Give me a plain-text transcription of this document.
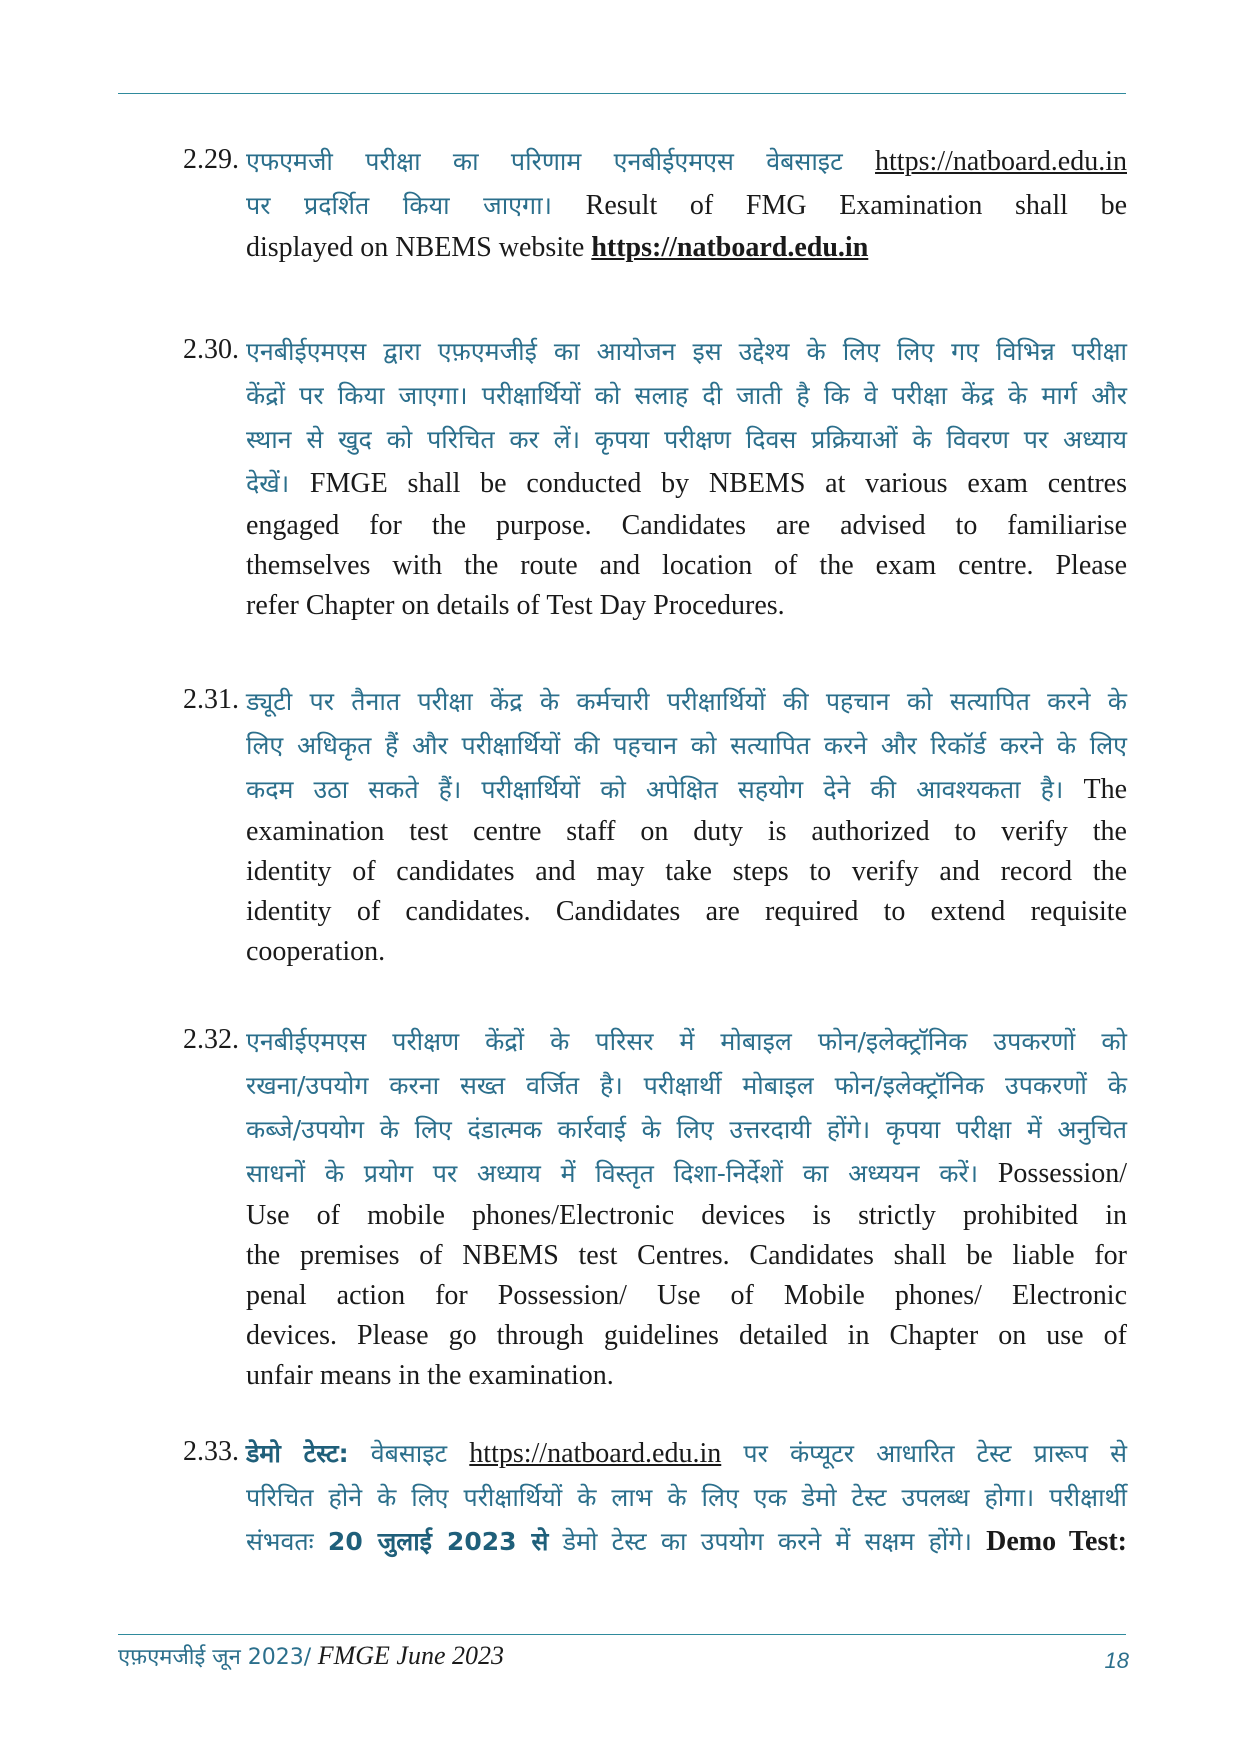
2.29. एफएमजी परीक्षा का परिणाम एनबीईएमएस वेबसाइट https://natboard.edu.in

पर प्रदर्शित किया जाएगा। Result of FMG Examination shall be

displayed on NBEMS website https://natboard.edu.in

2.30. एनबीईएमएस द्वारा एफ़एमजीई का आयोजन इस उद्देश्य के लिए लिए गए विभिन्न परीक्षा

केंद्रों पर किया जाएगा। परीक्षार्थियों को सलाह दी जाती है कि वे परीक्षा केंद्र के मार्ग और

स्थान से खुद को परिचित कर लें। कृपया परीक्षण दिवस प्रक्रियाओं के विवरण पर अध्याय

देखें। FMGE shall be conducted by NBEMS at various exam centres

engaged for the purpose. Candidates are advised to familiarise

themselves with the route and location of the exam centre. Please

refer Chapter on details of Test Day Procedures.

2.31. ड्यूटी पर तैनात परीक्षा केंद्र के कर्मचारी परीक्षार्थियों की पहचान को सत्यापित करने के

लिए अधिकृत हैं और परीक्षार्थियों की पहचान को सत्यापित करने और रिकॉर्ड करने के लिए

कदम उठा सकते हैं। परीक्षार्थियों को अपेक्षित सहयोग देने की आवश्यकता है। The

examination test centre staff on duty is authorized to verify the

identity of candidates and may take steps to verify and record the

identity of candidates. Candidates are required to extend requisite

cooperation.

2.32. एनबीईएमएस परीक्षण केंद्रों के परिसर में मोबाइल फोन/इलेक्ट्रॉनिक उपकरणों को

रखना/उपयोग करना सख्त वर्जित है। परीक्षार्थी मोबाइल फोन/इलेक्ट्रॉनिक उपकरणों के

कब्जे/उपयोग के लिए दंडात्मक कार्रवाई के लिए उत्तरदायी होंगे। कृपया परीक्षा में अनुचित

साधनों के प्रयोग पर अध्याय में विस्तृत दिशा-निर्देशों का अध्ययन करें। Possession/

Use of mobile phones/Electronic devices is strictly prohibited in

the premises of NBEMS test Centres. Candidates shall be liable for

penal action for Possession/ Use of Mobile phones/ Electronic

devices. Please go through guidelines detailed in Chapter on use of

unfair means in the examination.

2.33. डेमो टेस्ट: वेबसाइट https://natboard.edu.in पर कंप्यूटर आधारित टेस्ट प्रारूप से

परिचित होने के लिए परीक्षार्थियों के लाभ के लिए एक डेमो टेस्ट उपलब्ध होगा। परीक्षार्थी

संभवतः 20 जुलाई 2023 से डेमो टेस्ट का उपयोग करने में सक्षम होंगे। Demo Test:

एफ़एमजीई जून 2023/ FMGE June 2023	18
